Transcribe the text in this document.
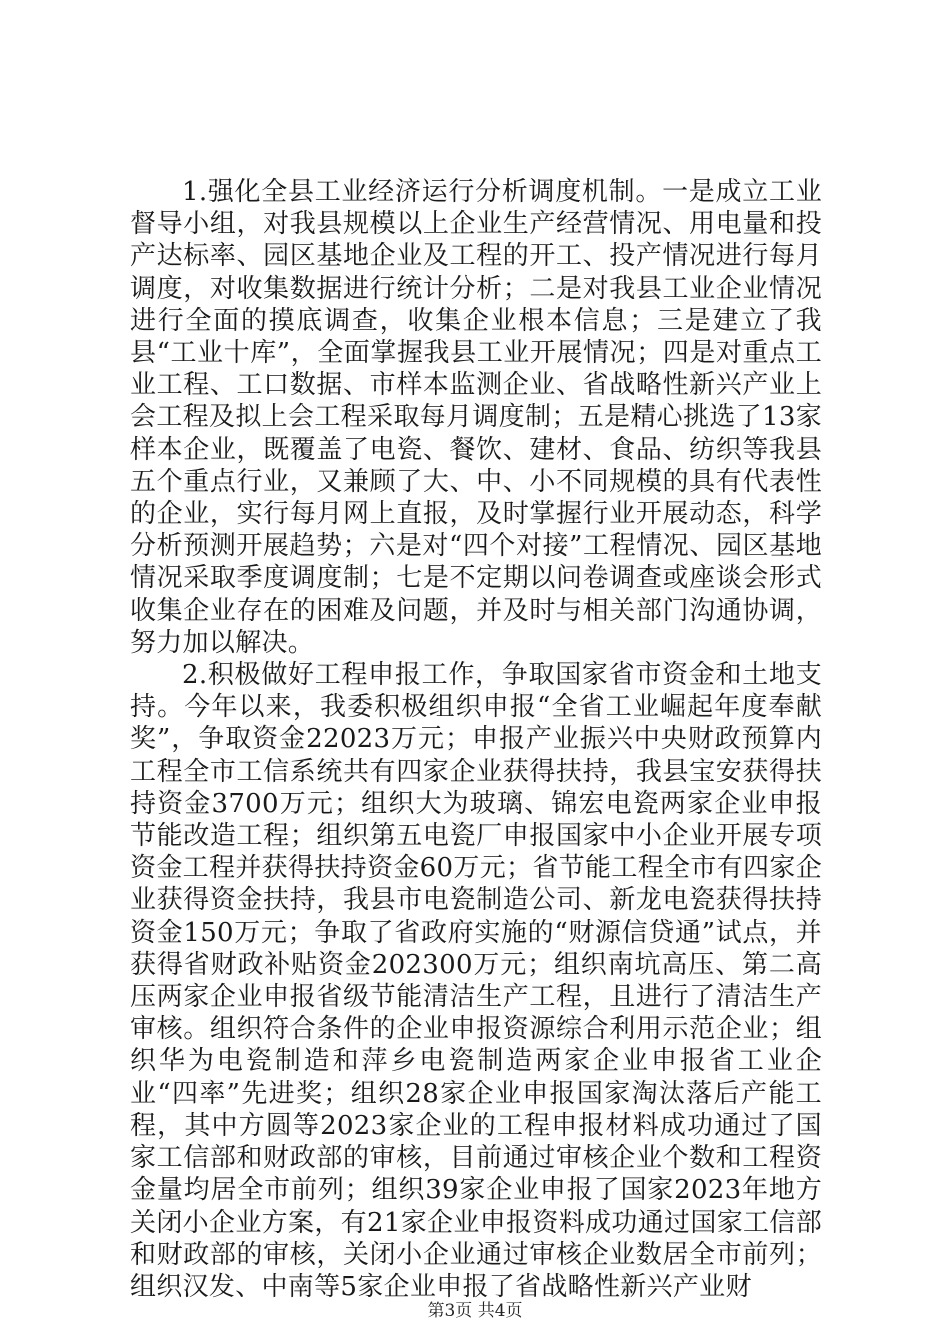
1.强化全县工业经济运行分析调度机制。一是成立工业督导小组，对我县规模以上企业生产经营情况、用电量和投产达标率、园区基地企业及工程的开工、投产情况进行每月调度，对收集数据进行统计分析；二是对我县工业企业情况进行全面的摸底调查，收集企业根本信息；三是建立了我县“工业十库”，全面掌握我县工业开展情况；四是对重点工业工程、工口数据、市样本监测企业、省战略性新兴产业上会工程及拟上会工程采取每月调度制；五是精心挑选了13家样本企业，既覆盖了电瓷、餐饮、建材、食品、纺织等我县五个重点行业，又兼顾了大、中、小不同规模的具有代表性的企业，实行每月网上直报，及时掌握行业开展动态，科学分析预测开展趋势；六是对“四个对接”工程情况、园区基地情况采取季度调度制；七是不定期以问卷调查或座谈会形式收集企业存在的困难及问题，并及时与相关部门沟通协调，努力加以解决。

2.积极做好工程申报工作，争取国家省市资金和土地支持。今年以来，我委积极组织申报“全省工业崛起年度奉献奖”，争取资金22023万元；申报产业振兴中央财政预算内工程全市工信系统共有四家企业获得扶持，我县宝安获得扶持资金3700万元；组织大为玻璃、锦宏电瓷两家企业申报节能改造工程；组织第五电瓷厂申报国家中小企业开展专项资金工程并获得扶持资金60万元；省节能工程全市有四家企业获得资金扶持，我县市电瓷制造公司、新龙电瓷获得扶持资金150万元；争取了省政府实施的“财源信贷通”试点，并获得省财政补贴资金202300万元；组织南坑高压、第二高压两家企业申报省级节能清洁生产工程，且进行了清洁生产审核。组织符合条件的企业申报资源综合利用示范企业；组织华为电瓷制造和萍乡电瓷制造两家企业申报省工业企业“四率”先进奖；组织28家企业申报国家淘汰落后产能工程，其中方圆等2023家企业的工程申报材料成功通过了国家工信部和财政部的审核，目前通过审核企业个数和工程资金量均居全市前列；组织39家企业申报了国家2023年地方关闭小企业方案，有21家企业申报资料成功通过国家工信部和财政部的审核，关闭小企业通过审核企业数居全市前列；组织汉发、中南等5家企业申报了省战略性新兴产业财

第3页 共4页
